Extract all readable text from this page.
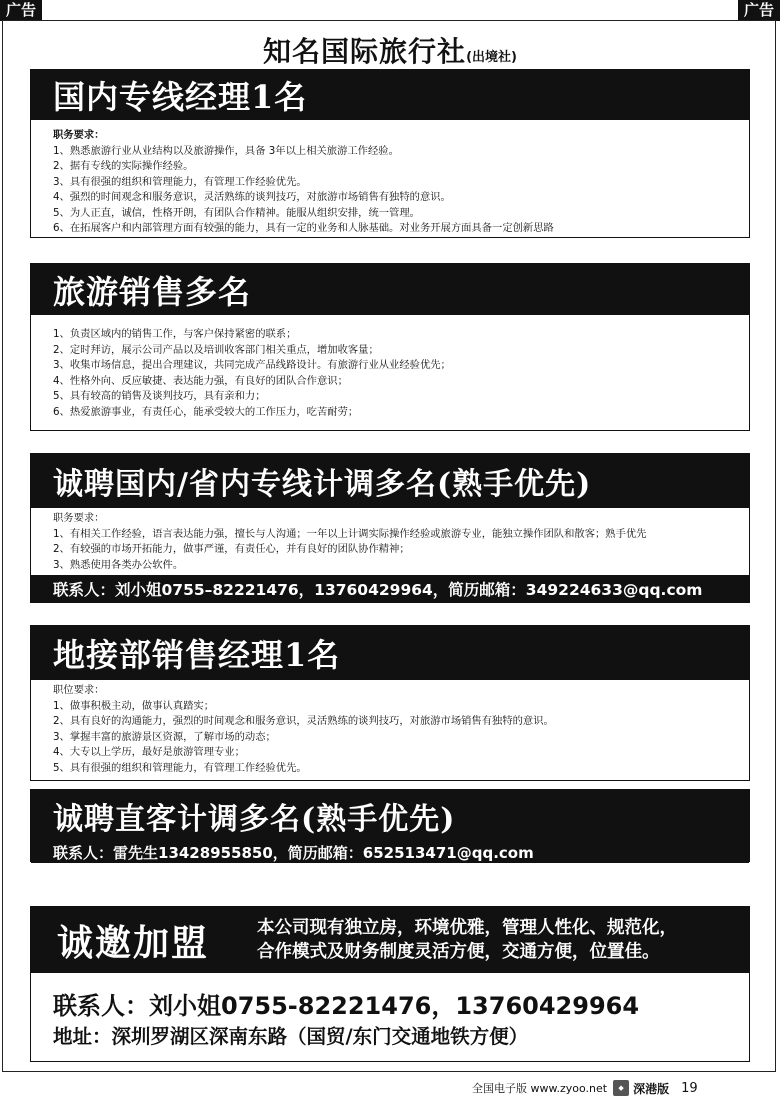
广告	广告
知名国际旅行社(出境社)
国内专线经理1名
职务要求：
1、熟悉旅游行业从业结构以及旅游操作，具备 3年以上相关旅游工作经验。
2、据有专线的实际操作经验。
3、具有很强的组织和管理能力，有管理工作经验优先。
4、强烈的时间观念和服务意识，灵活熟练的谈判技巧，对旅游市场销售有独特的意识。
5、为人正直，诚信，性格开朗，有团队合作精神。能服从组织安排，统一管理。
6、在拓展客户和内部管理方面有较强的能力，具有一定的业务和人脉基础。对业务开展方面具备一定创新思路
旅游销售多名
1、负责区域内的销售工作，与客户保持紧密的联系；
2、定时拜访，展示公司产品以及培训收客部门相关重点，增加收客量；
3、收集市场信息，提出合理建议，共同完成产品线路设计。有旅游行业从业经验优先；
4、性格外向、反应敏捷、表达能力强，有良好的团队合作意识；
5、具有较高的销售及谈判技巧，具有亲和力；
6、热爱旅游事业，有责任心，能承受较大的工作压力，吃苦耐劳；
诚聘国内/省内专线计调多名(熟手优先)
职务要求：
1、有相关工作经验，语言表达能力强，擅长与人沟通；一年以上计调实际操作经验或旅游专业，能独立操作团队和散客；熟手优先
2、有较强的市场开拓能力，做事严谨，有责任心，并有良好的团队协作精神；
3、熟悉使用各类办公软件。
联系人：刘小姐0755–82221476，13760429964，简历邮箱：349224633@qq.com
地接部销售经理1名
职位要求：
1、做事积极主动，做事认真踏实；
2、具有良好的沟通能力，强烈的时间观念和服务意识，灵活熟练的谈判技巧，对旅游市场销售有独特的意识。
3、掌握丰富的旅游景区资源，了解市场的动态；
4、大专以上学历，最好是旅游管理专业；
5、具有很强的组织和管理能力，有管理工作经验优先。
诚聘直客计调多名(熟手优先)
联系人：雷先生13428955850，简历邮箱：652513471@qq.com
诚邀加盟	本公司现有独立房，环境优雅，管理人性化、规范化，
合作模式及财务制度灵活方便，交通方便，位置佳。
联系人：刘小姐0755-82221476，13760429964
地址：深圳罗湖区深南东路（国贸/东门交通地铁方便）
全国电子版 www.zyoo.net	◆ 深港版 19
